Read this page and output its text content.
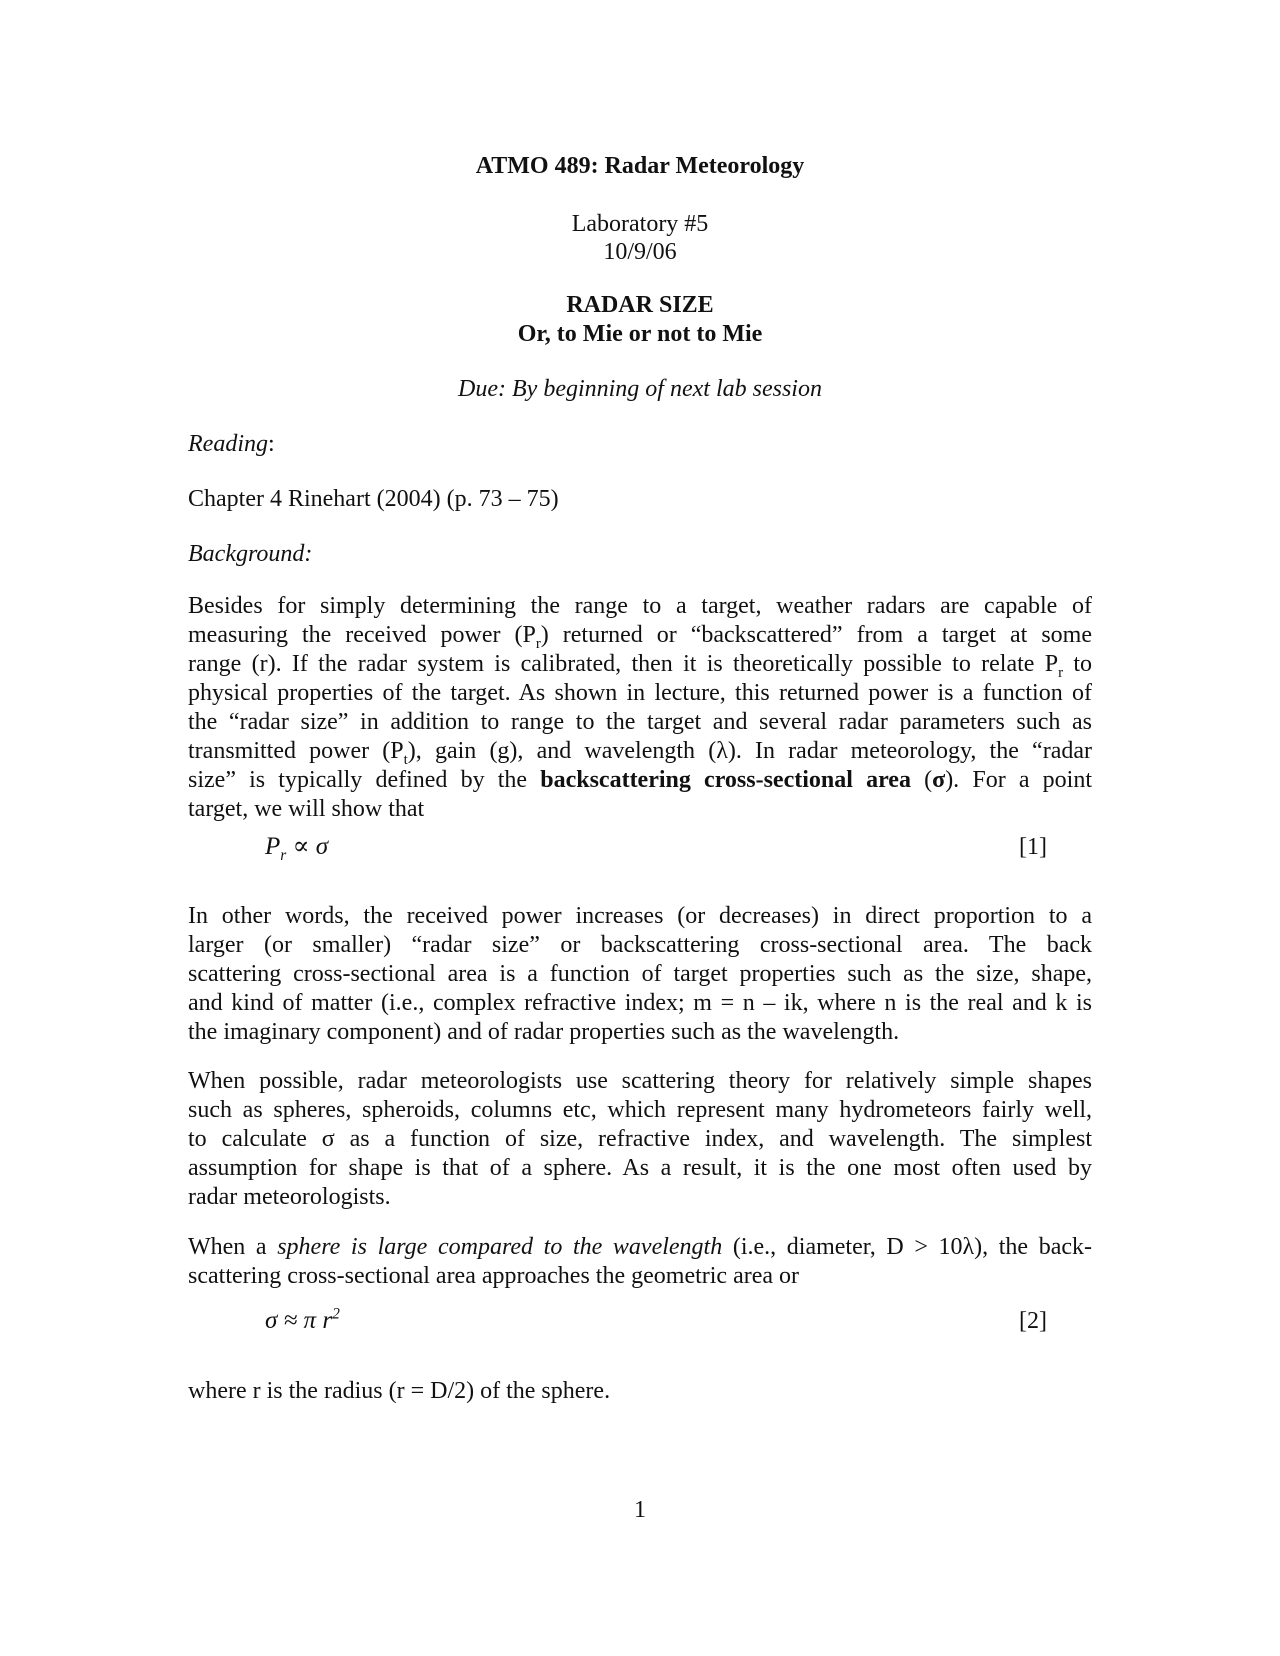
ATMO 489: Radar Meteorology
Laboratory #5
10/9/06
RADAR SIZE
Or, to Mie or not to Mie
Due: By beginning of next lab session
Reading:
Chapter 4 Rinehart (2004) (p. 73 – 75)
Background:
Besides for simply determining the range to a target, weather radars are capable of
measuring the received power $(P_r)$ returned or “backscattered” from a target at some
range (r). If the radar system is calibrated, then it is theoretically possible to relate $P_r$ to
physical properties of the target. As shown in lecture, this returned power is a function of
the “radar size” in addition to range to the target and several radar parameters such as
transmitted power $(P_t)$, gain (g), and wavelength (λ). In radar meteorology, the “radar
size” is typically defined by the backscattering cross-sectional area (σ). For a point
target, we will show that
$P_r \propto \sigma$	[1]
In other words, the received power increases (or decreases) in direct proportion to a
larger (or smaller) “radar size” or backscattering cross-sectional area. The back
scattering cross-sectional area is a function of target properties such as the size, shape,
and kind of matter (i.e., complex refractive index; m = n – ik, where n is the real and k is
the imaginary component) and of radar properties such as the wavelength.
When possible, radar meteorologists use scattering theory for relatively simple shapes
such as spheres, spheroids, columns etc, which represent many hydrometeors fairly well,
to calculate σ as a function of size, refractive index, and wavelength. The simplest
assumption for shape is that of a sphere. As a result, it is the one most often used by
radar meteorologists.
When a sphere is large compared to the wavelength (i.e., diameter, D > 10λ), the back-
scattering cross-sectional area approaches the geometric area or
σ ≈ π $r^2$	[2]
where r is the radius (r = D/2) of the sphere.
1
